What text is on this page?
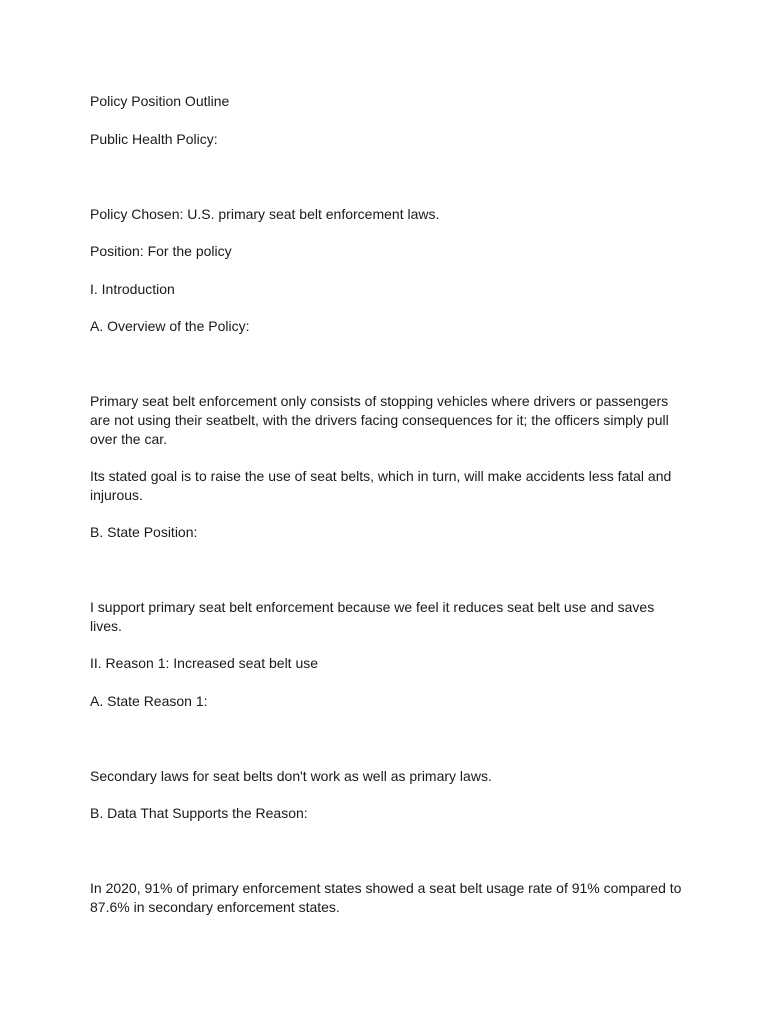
Policy Position Outline

Public Health Policy:

Policy Chosen: U.S. primary seat belt enforcement laws.

Position: For the policy

I. Introduction

A. Overview of the Policy:

Primary seat belt enforcement only consists of stopping vehicles where drivers or passengers are not using their seatbelt, with the drivers facing consequences for it; the officers simply pull over the car.

Its stated goal is to raise the use of seat belts, which in turn, will make accidents less fatal and injurous.

B. State Position:

I support primary seat belt enforcement because we feel it reduces seat belt use and saves lives.

II. Reason 1: Increased seat belt use

A. State Reason 1:

Secondary laws for seat belts don't work as well as primary laws.

B. Data That Supports the Reason:

In 2020, 91% of primary enforcement states showed a seat belt usage rate of 91% compared to 87.6% in secondary enforcement states.
